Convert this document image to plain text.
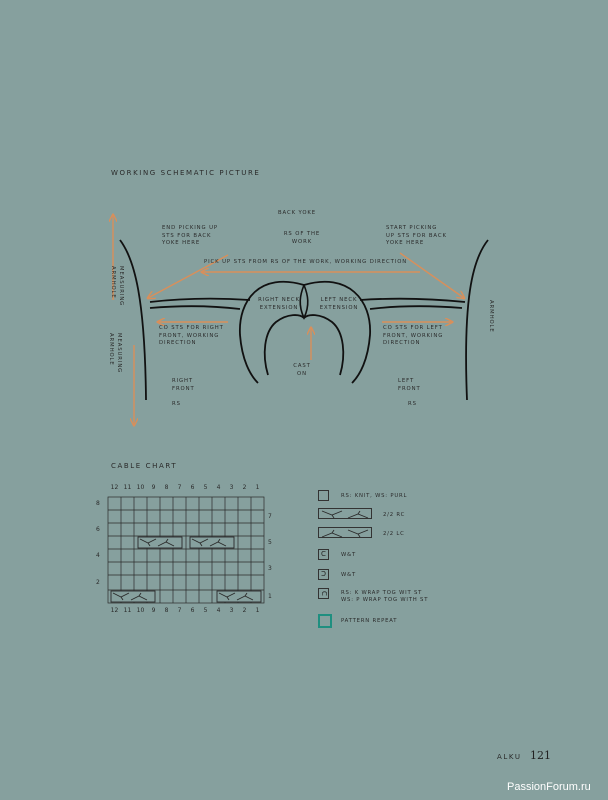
WORKING SCHEMATIC PICTURE
BACK YOKE
RS OF THE
WORK
END PICKING UP
STS FOR BACK
YOKE HERE
START PICKING
UP STS FOR BACK
YOKE HERE
PICK UP STS FROM RS OF THE WORK, WORKING DIRECTION
RIGHT NECK
EXTENSION
LEFT NECK
EXTENSION
CO STS FOR RIGHT
FRONT, WORKING
DIRECTION
CO STS FOR LEFT
FRONT, WORKING
DIRECTION
CAST
ON
RIGHT
FRONT
RS
LEFT
FRONT
RS
MEASURING
ARMHOLE
MEASURING
ARMHOLE
ARMHOLE
CABLE CHART
12 11 10	9	8	7	6	5	4	3	2	1
8
6
4
2
7
5
3
1
12 11 10	9	8	7	6	5	4	3	2	1
RS: KNIT, WS: PURL
2/2 RC
2/2 LC
C	W&T
C	W&T
C RS: K WRAP TOG WIT ST
WS: P WRAP TOG WITH ST
PATTERN REPEAT
ALKU 121
PassionForum.ru
